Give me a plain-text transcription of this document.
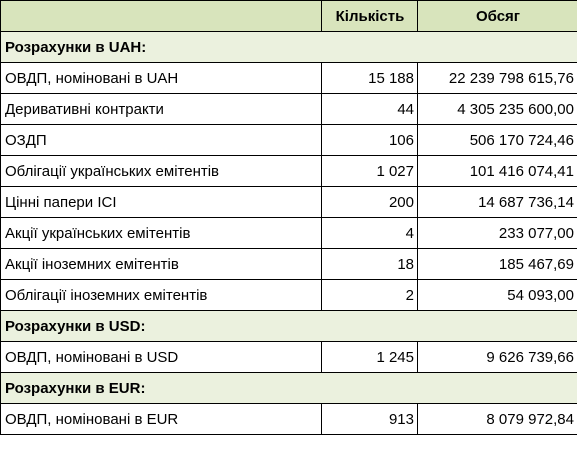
	Кількість	Обсяг
Розрахунки в UAH:		
ОВДП, номіновані в UAH	15 188	22 239 798 615,76
Деривативні контракти	44	4 305 235 600,00
ОЗДП	106	506 170 724,46
Облігації українських емітентів	1 027	101 416 074,41
Цінні папери ІСІ	200	14 687 736,14
Акції українських емітентів	4	233 077,00
Акції іноземних емітентів	18	185 467,69
Облігації іноземних емітентів	2	54 093,00
Розрахунки в USD:		
ОВДП, номіновані в USD	1 245	9 626 739,66
Розрахунки в EUR:		
ОВДП, номіновані в EUR	913	8 079 972,84
